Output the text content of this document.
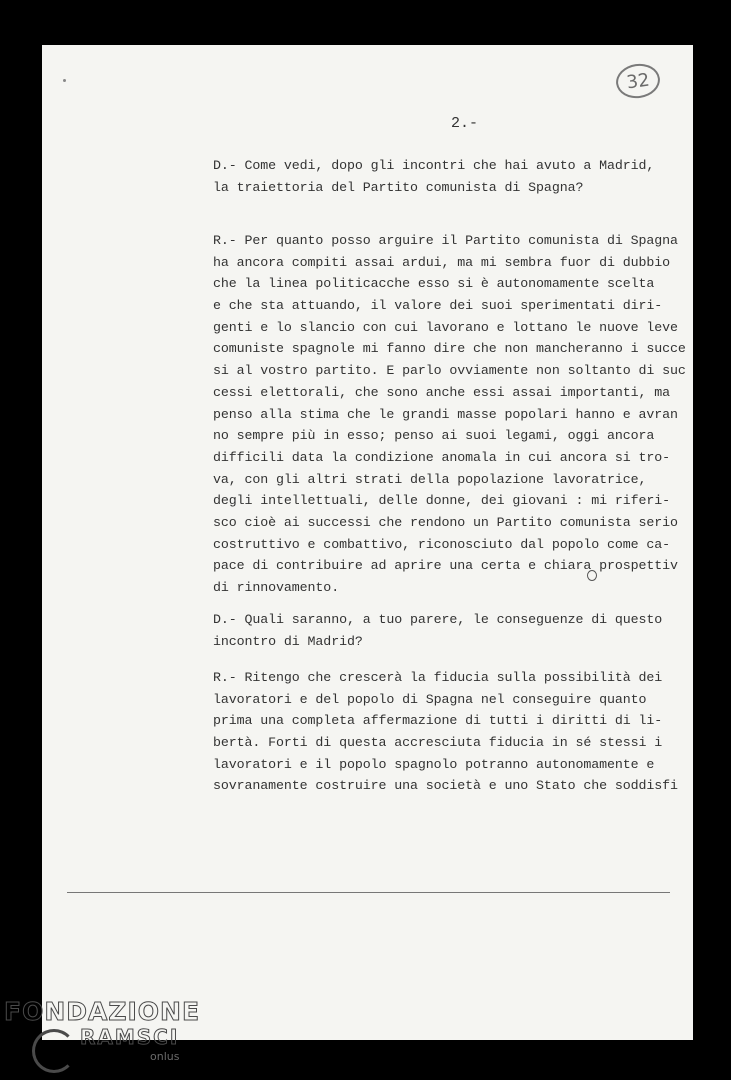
32
2.-
D.- Come vedi, dopo gli incontri che hai avuto a Madrid,
la traiettoria del Partito comunista di Spagna?
R.- Per quanto posso arguire il Partito comunista di Spagna
ha ancora compiti assai ardui, ma mi sembra fuor di dubbio
che la linea politicacche esso si è autonomamente scelta
e che sta attuando, il valore dei suoi sperimentati diri-
genti e lo slancio con cui lavorano e lottano le nuove leve
comuniste spagnole mi fanno dire che non mancheranno i succe
si al vostro partito. E parlo ovviamente non soltanto di suc
cessi elettorali, che sono anche essi assai importanti, ma
penso alla stima che le grandi masse popolari hanno e avran
no sempre più in esso; penso ai suoi legami, oggi ancora
difficili data la condizione anomala in cui ancora si tro-
va, con gli altri strati della popolazione lavoratrice,
degli intellettuali, delle donne, dei giovani : mi riferi-
sco cioè ai successi che rendono un Partito comunista serio
costruttivo e combattivo, riconosciuto dal popolo come ca-
pace di contribuire ad aprire una certa e chiara prospettiv
di rinnovamento.
D.- Quali saranno, a tuo parere, le conseguenze di questo
incontro di Madrid?
R.- Ritengo che crescerà la fiducia sulla possibilità dei
lavoratori e del popolo di Spagna nel conseguire quanto
prima una completa affermazione di tutti i diritti di li-
bertà. Forti di questa accresciuta fiducia in sé stessi i
lavoratori e il popolo spagnolo potranno autonomamente e
sovranamente costruire una società e uno Stato che soddisfi
FONDAZIONE
RAMSCI
onlus
